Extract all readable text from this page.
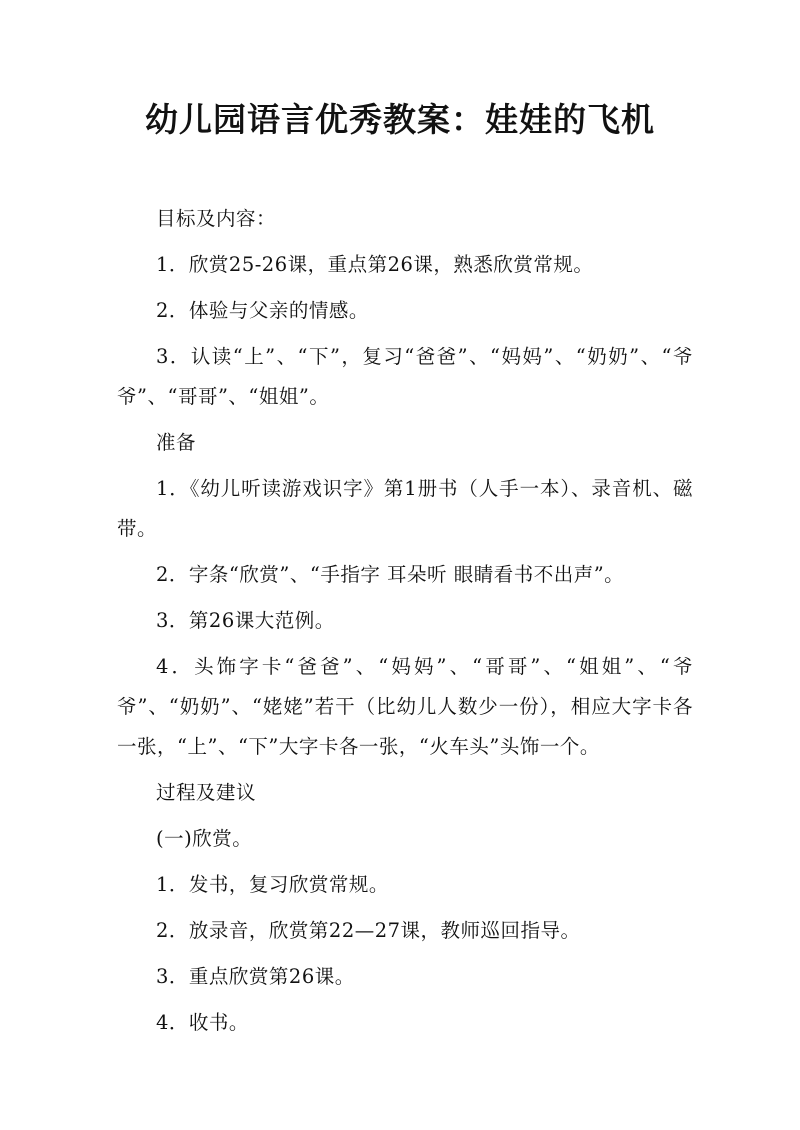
幼儿园语言优秀教案：娃娃的飞机

目标及内容：

1．欣赏25-26课，重点第26课，熟悉欣赏常规。

2．体验与父亲的情感。

3．认读“上”、“下”，复习“爸爸”、“妈妈”、“奶奶”、“爷爷”、“哥哥”、“姐姐”。

准备

1．《幼儿听读游戏识字》第1册书（人手一本）、录音机、磁带。

2．字条“欣赏”、“手指字 耳朵听 眼睛看书不出声”。

3．第26课大范例。

4．头饰字卡“爸爸”、“妈妈”、“哥哥”、“姐姐”、“爷爷”、“奶奶”、“姥姥”若干（比幼儿人数少一份），相应大字卡各一张，“上”、“下”大字卡各一张，“火车头”头饰一个。

过程及建议

(一)欣赏。

1．发书，复习欣赏常规。

2．放录音，欣赏第22—27课，教师巡回指导。

3．重点欣赏第26课。

4．收书。
